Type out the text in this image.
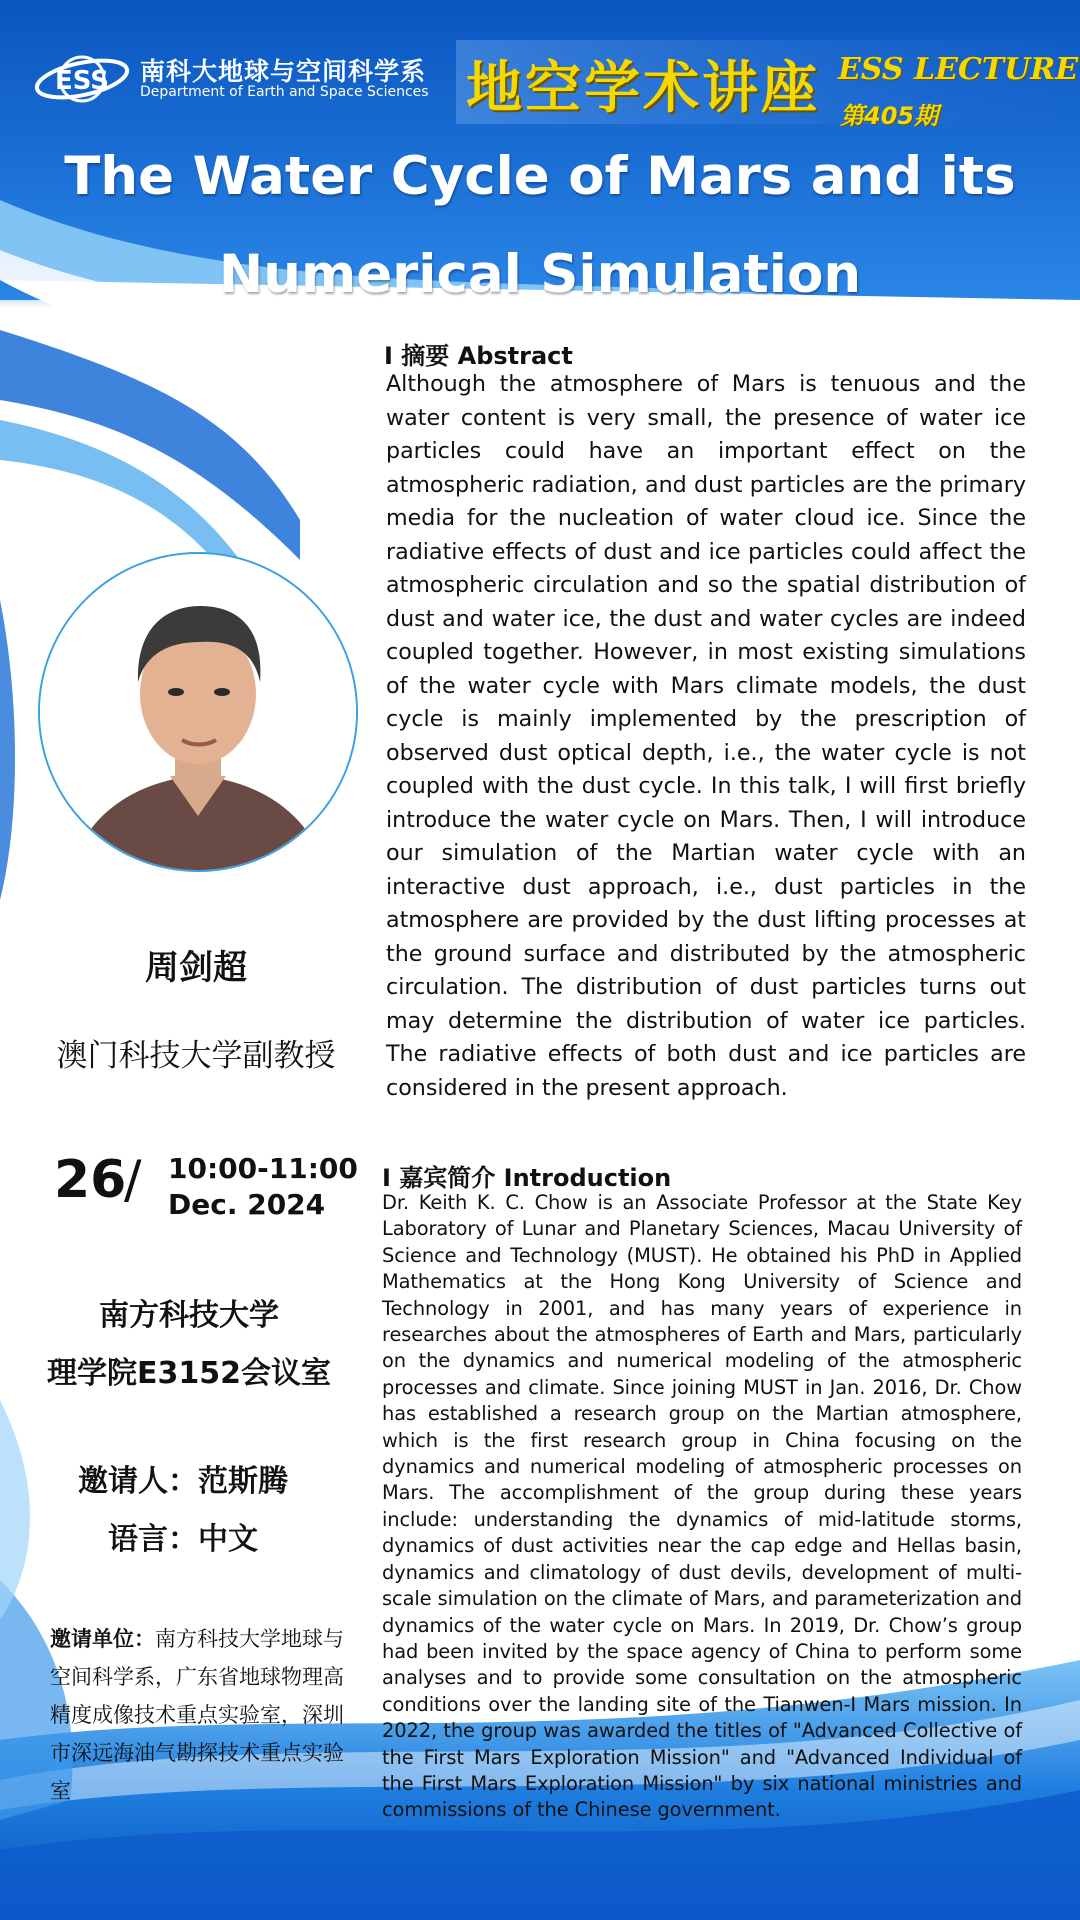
ESS 南科大地球与空间科学系
Department of Earth and Space Sciences 地空学术讲座 ESS LECTURE
第405期
The Water Cycle of Mars and its Numerical Simulation
周剑超
澳门科技大学副教授
26
/ 10:00-11:00
Dec. 2024
南方科技大学
理学院E3152会议室
邀请人：范斯腾
语言：中文
邀请单位：南方科技大学地球与空间科学系，广东省地球物理高精度成像技术重点实验室，深圳市深远海油气勘探技术重点实验室
I 摘要 Abstract
Although the atmosphere of Mars is tenuous and the water content is very small, the presence of water ice particles could have an important effect on the atmospheric radiation, and dust particles are the primary media for the nucleation of water cloud ice. Since the radiative effects of dust and ice particles could affect the atmospheric circulation and so the spatial distribution of dust and water ice, the dust and water cycles are indeed coupled together. However, in most existing simulations of the water cycle with Mars climate models, the dust cycle is mainly implemented by the prescription of observed dust optical depth, i.e., the water cycle is not coupled with the dust cycle. In this talk, I will first briefly introduce the water cycle on Mars. Then, I will introduce our simulation of the Martian water cycle with an interactive dust approach, i.e., dust particles in the atmosphere are provided by the dust lifting processes at the ground surface and distributed by the atmospheric circulation. The distribution of dust particles turns out may determine the distribution of water ice particles. The radiative effects of both dust and ice particles are considered in the present approach.
I 嘉宾简介 Introduction
Dr. Keith K. C. Chow is an Associate Professor at the State Key Laboratory of Lunar and Planetary Sciences, Macau University of Science and Technology (MUST). He obtained his PhD in Applied Mathematics at the Hong Kong University of Science and Technology in 2001, and has many years of experience in researches about the atmospheres of Earth and Mars, particularly on the dynamics and numerical modeling of the atmospheric processes and climate. Since joining MUST in Jan. 2016, Dr. Chow has established a research group on the Martian atmosphere, which is the first research group in China focusing on the dynamics and numerical modeling of atmospheric processes on Mars. The accomplishment of the group during these years include: understanding the dynamics of mid-latitude storms, dynamics of dust activities near the cap edge and Hellas basin, dynamics and climatology of dust devils, development of multi-scale simulation on the climate of Mars, and parameterization and dynamics of the water cycle on Mars. In 2019, Dr. Chow’s group had been invited by the space agency of China to perform some analyses and to provide some consultation on the atmospheric conditions over the landing site of the Tianwen-I Mars mission. In 2022, the group was awarded the titles of "Advanced Collective of the First Mars Exploration Mission" and "Advanced Individual of the First Mars Exploration Mission" by six national ministries and commissions of the Chinese government.
